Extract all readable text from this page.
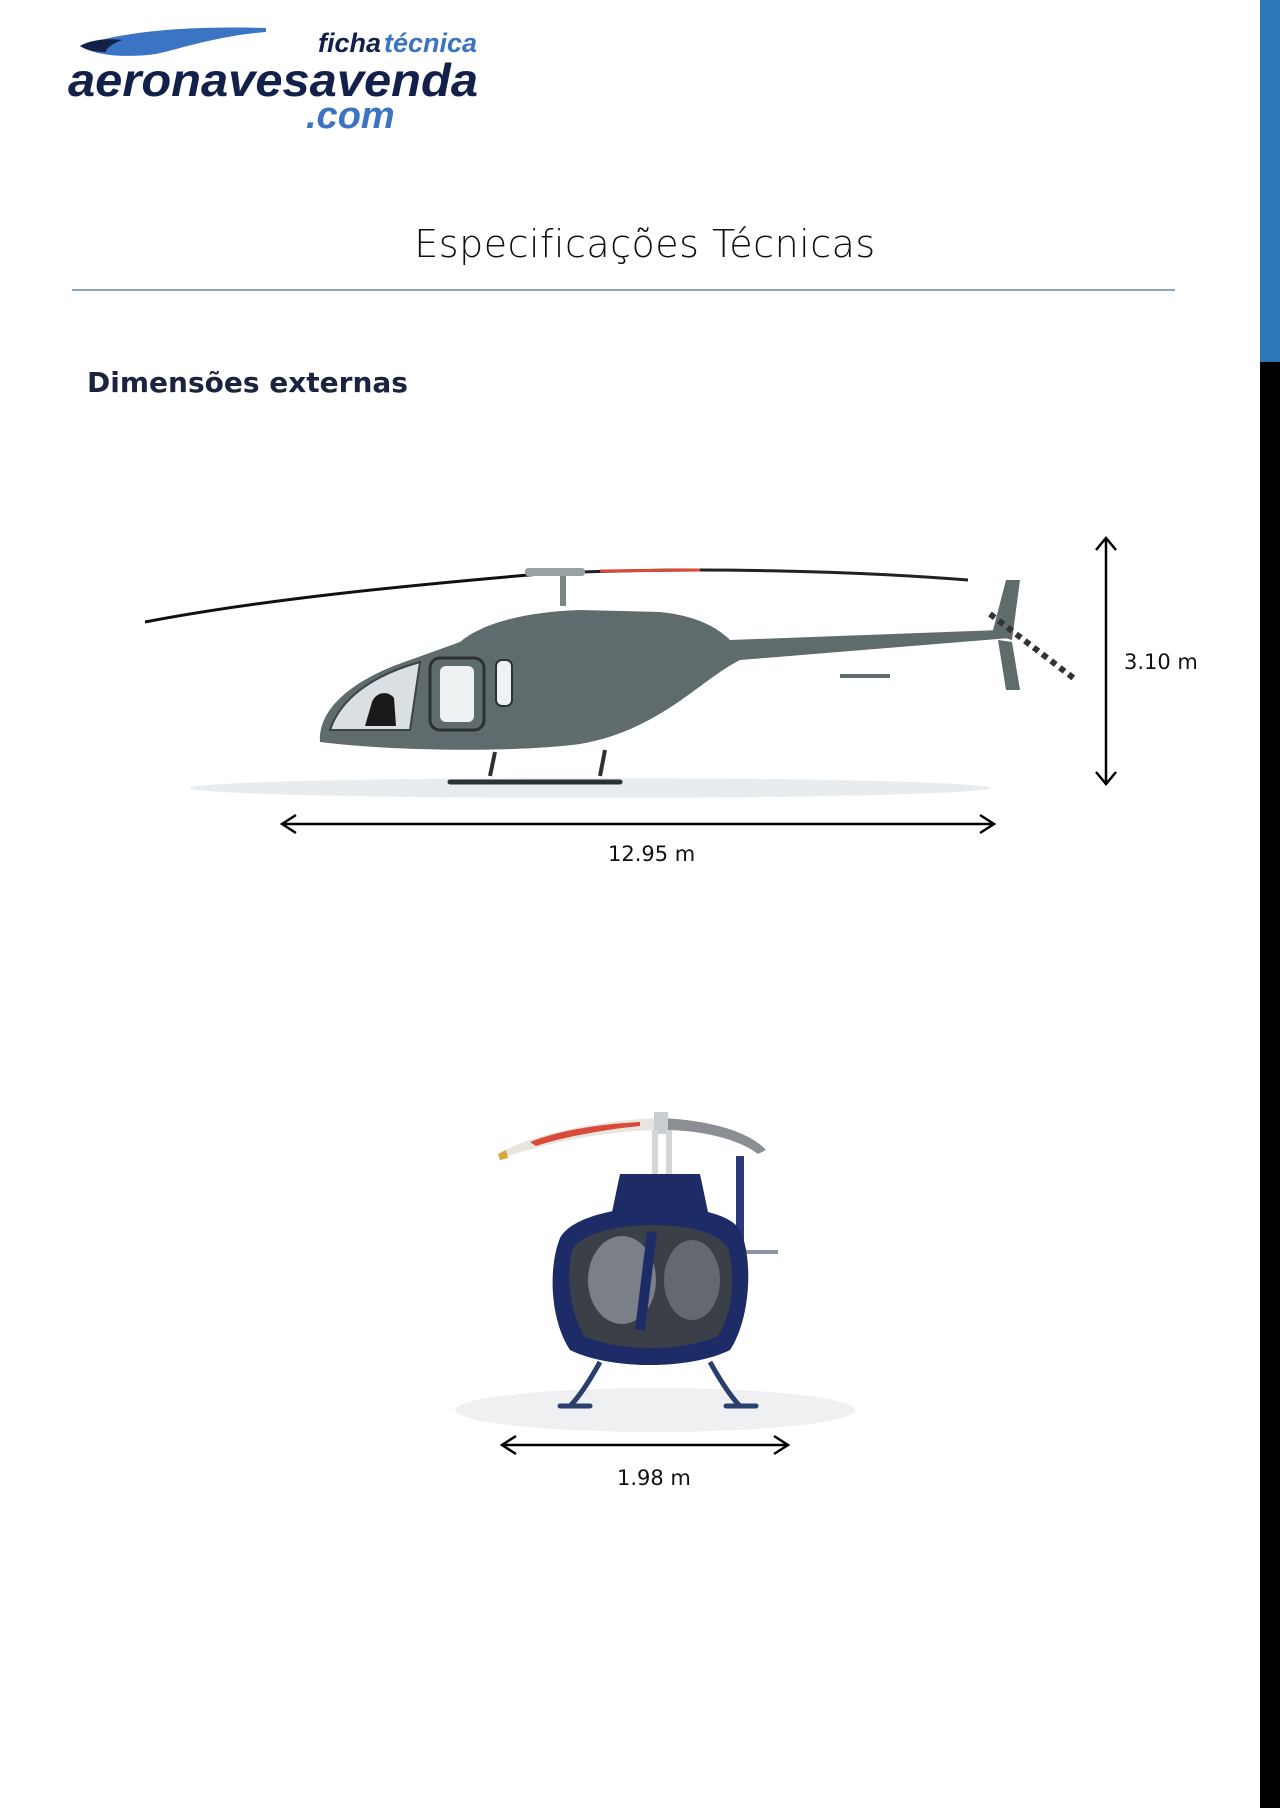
ficha técnica
aeronavesavenda
.com
Especificações Técnicas
Dimensões externas
3.10 m
12.95 m
1.98 m
